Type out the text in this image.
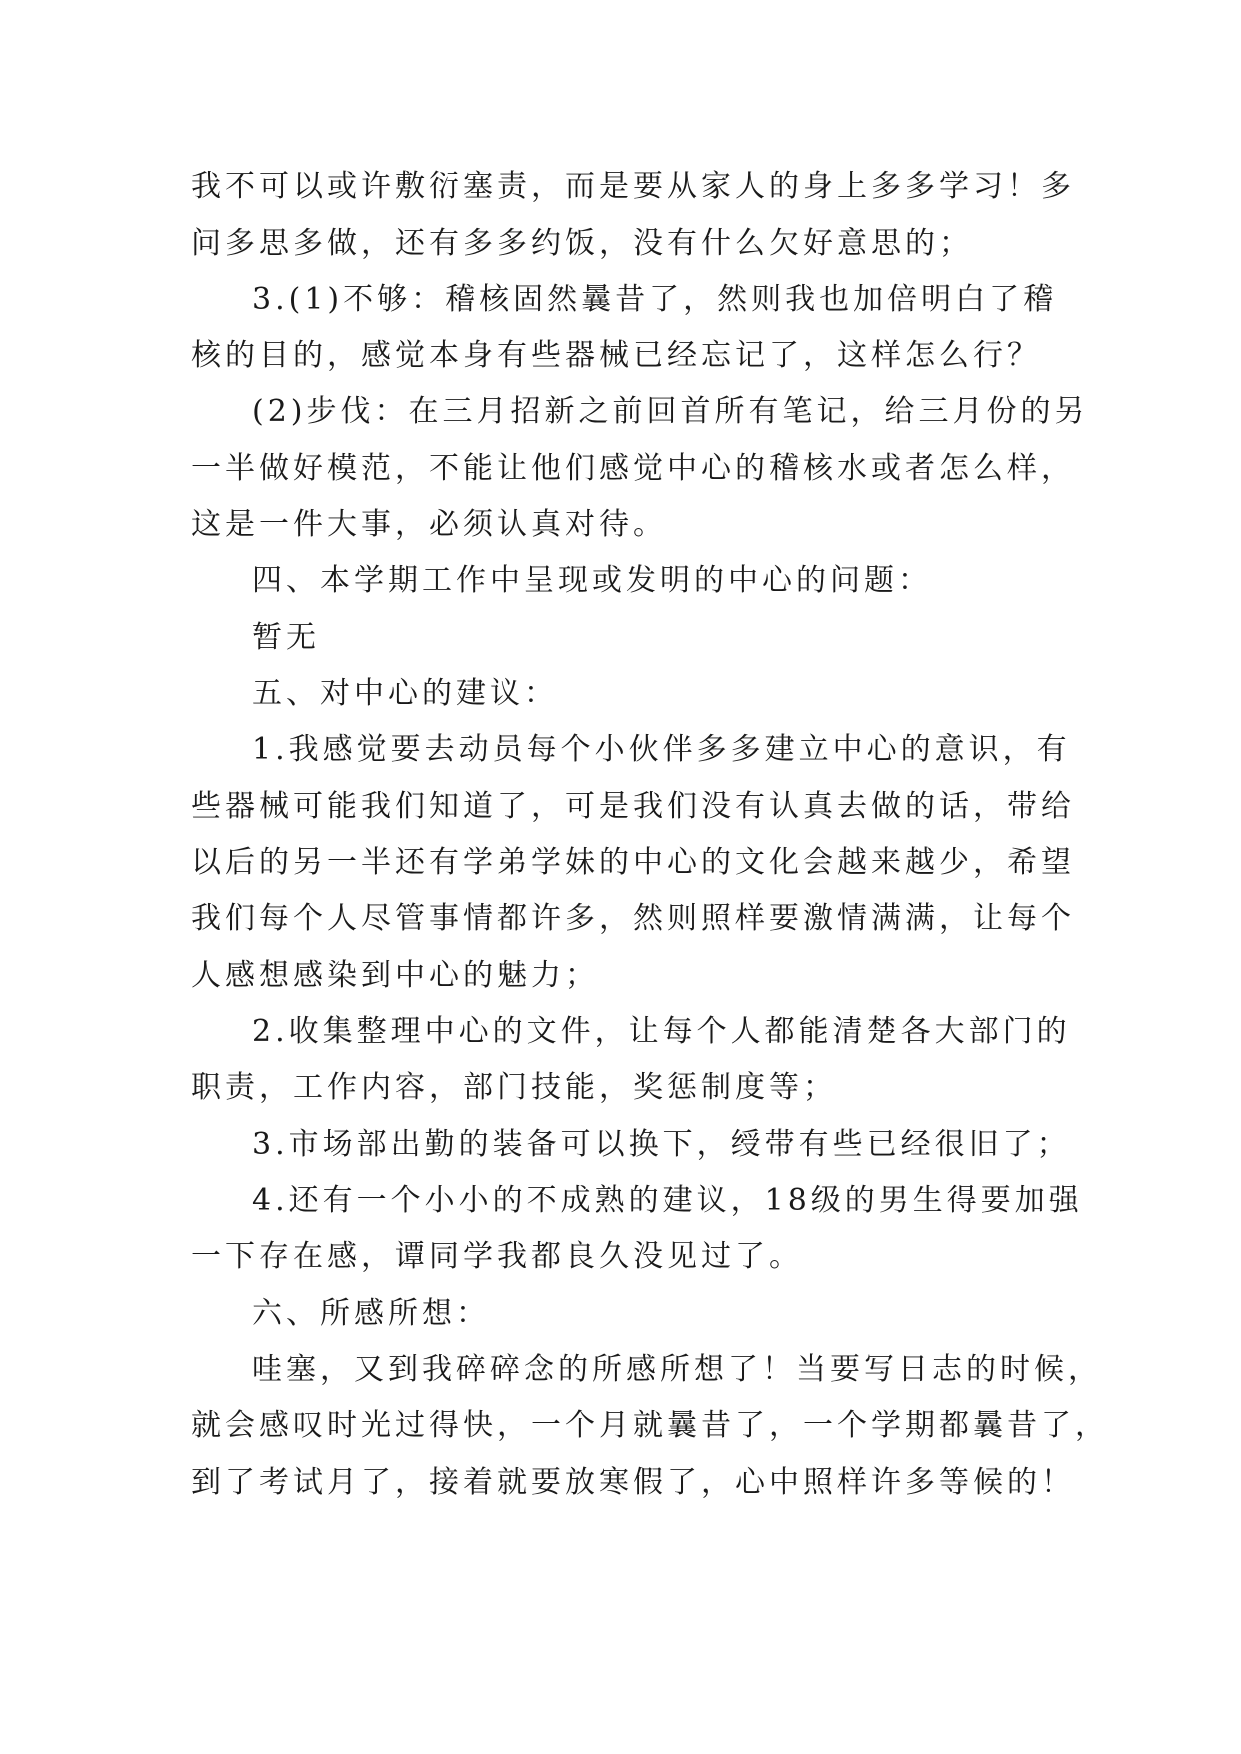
我不可以或许敷衍塞责，而是要从家人的身上多多学习！多
问多思多做，还有多多约饭，没有什么欠好意思的；
3.(1)不够：稽核固然曩昔了，然则我也加倍明白了稽
核的目的，感觉本身有些器械已经忘记了，这样怎么行？
(2)步伐：在三月招新之前回首所有笔记，给三月份的另
一半做好模范，不能让他们感觉中心的稽核水或者怎么样，
这是一件大事，必须认真对待。
四、本学期工作中呈现或发明的中心的问题：
暂无
五、对中心的建议：
1.我感觉要去动员每个小伙伴多多建立中心的意识，有
些器械可能我们知道了，可是我们没有认真去做的话，带给
以后的另一半还有学弟学妹的中心的文化会越来越少，希望
我们每个人尽管事情都许多，然则照样要激情满满，让每个
人感想感染到中心的魅力；
2.收集整理中心的文件，让每个人都能清楚各大部门的
职责，工作内容，部门技能，奖惩制度等；
3.市场部出勤的装备可以换下，绶带有些已经很旧了；
4.还有一个小小的不成熟的建议，18级的男生得要加强
一下存在感，谭同学我都良久没见过了。
六、所感所想：
哇塞，又到我碎碎念的所感所想了！当要写日志的时候，
就会感叹时光过得快，一个月就曩昔了，一个学期都曩昔了，
到了考试月了，接着就要放寒假了，心中照样许多等候的！
